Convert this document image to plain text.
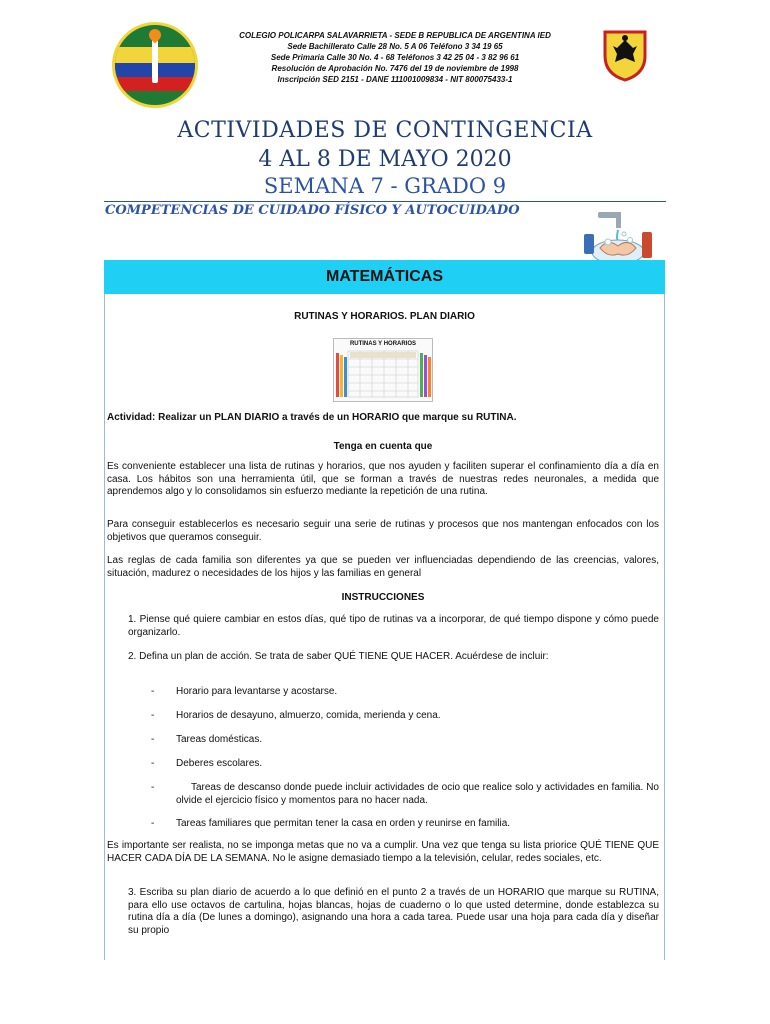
COLEGIO POLICARPA SALAVARRIETA - SEDE B REPUBLICA DE ARGENTINA IED
Sede Bachillerato Calle 28 No. 5 A 06 Teléfono 3 34 19 65
Sede Primaria Calle 30 No. 4 - 68 Teléfonos 3 42 25 04 - 3 82 96 61
Resolución de Aprobación No. 7476 del 19 de noviembre de 1998
Inscripción SED 2151 - DANE 111001009834 - NIT 800075433-1
ACTIVIDADES DE CONTINGENCIA
4 AL 8 DE MAYO 2020
SEMANA 7 - GRADO 9
COMPETENCIAS DE CUIDADO FÍSICO Y AUTOCUIDADO
MATEMÁTICAS
RUTINAS Y HORARIOS. PLAN DIARIO
RUTINAS Y HORARIOS
Actividad: Realizar un PLAN DIARIO a través de un HORARIO que marque su RUTINA.
Tenga en cuenta que
Es conveniente establecer una lista de rutinas y horarios, que nos ayuden y faciliten superar el confinamiento día a día en casa. Los hábitos son una herramienta útil, que se forman a través de nuestras redes neuronales, a medida que aprendemos algo y lo consolidamos sin esfuerzo mediante la repetición de una rutina.
Para conseguir establecerlos es necesario seguir una serie de rutinas y procesos que nos mantengan enfocados con los objetivos que queramos conseguir.
Las reglas de cada familia son diferentes ya que se pueden ver influenciadas dependiendo de las creencias, valores, situación, madurez o necesidades de los hijos y las familias en general
INSTRUCCIONES
1. Piense qué quiere cambiar en estos días, qué tipo de rutinas va a incorporar, de qué tiempo dispone y cómo puede organizarlo.
2. Defina un plan de acción. Se trata de saber QUÉ TIENE QUE HACER. Acuérdese de incluir:
- Horario para levantarse y acostarse.
- Horarios de desayuno, almuerzo, comida, merienda y cena.
- Tareas domésticas.
- Deberes escolares.
- Tareas de descanso donde puede incluir actividades de ocio que realice solo y actividades en familia. No olvide el ejercicio físico y momentos para no hacer nada.
- Tareas familiares que permitan tener la casa en orden y reunirse en familia.
Es importante ser realista, no se imponga metas que no va a cumplir. Una vez que tenga su lista priorice QUÉ TIENE QUE HACER CADA DÍA DE LA SEMANA. No le asigne demasiado tiempo a la televisión, celular, redes sociales, etc.
3. Escriba su plan diario de acuerdo a lo que definió en el punto 2 a través de un HORARIO que marque su RUTINA, para ello use octavos de cartulina, hojas blancas, hojas de cuaderno o lo que usted determine, donde establezca su rutina día a día (De lunes a domingo), asignando una hora a cada tarea. Puede usar una hoja para cada día y diseñar su propio
